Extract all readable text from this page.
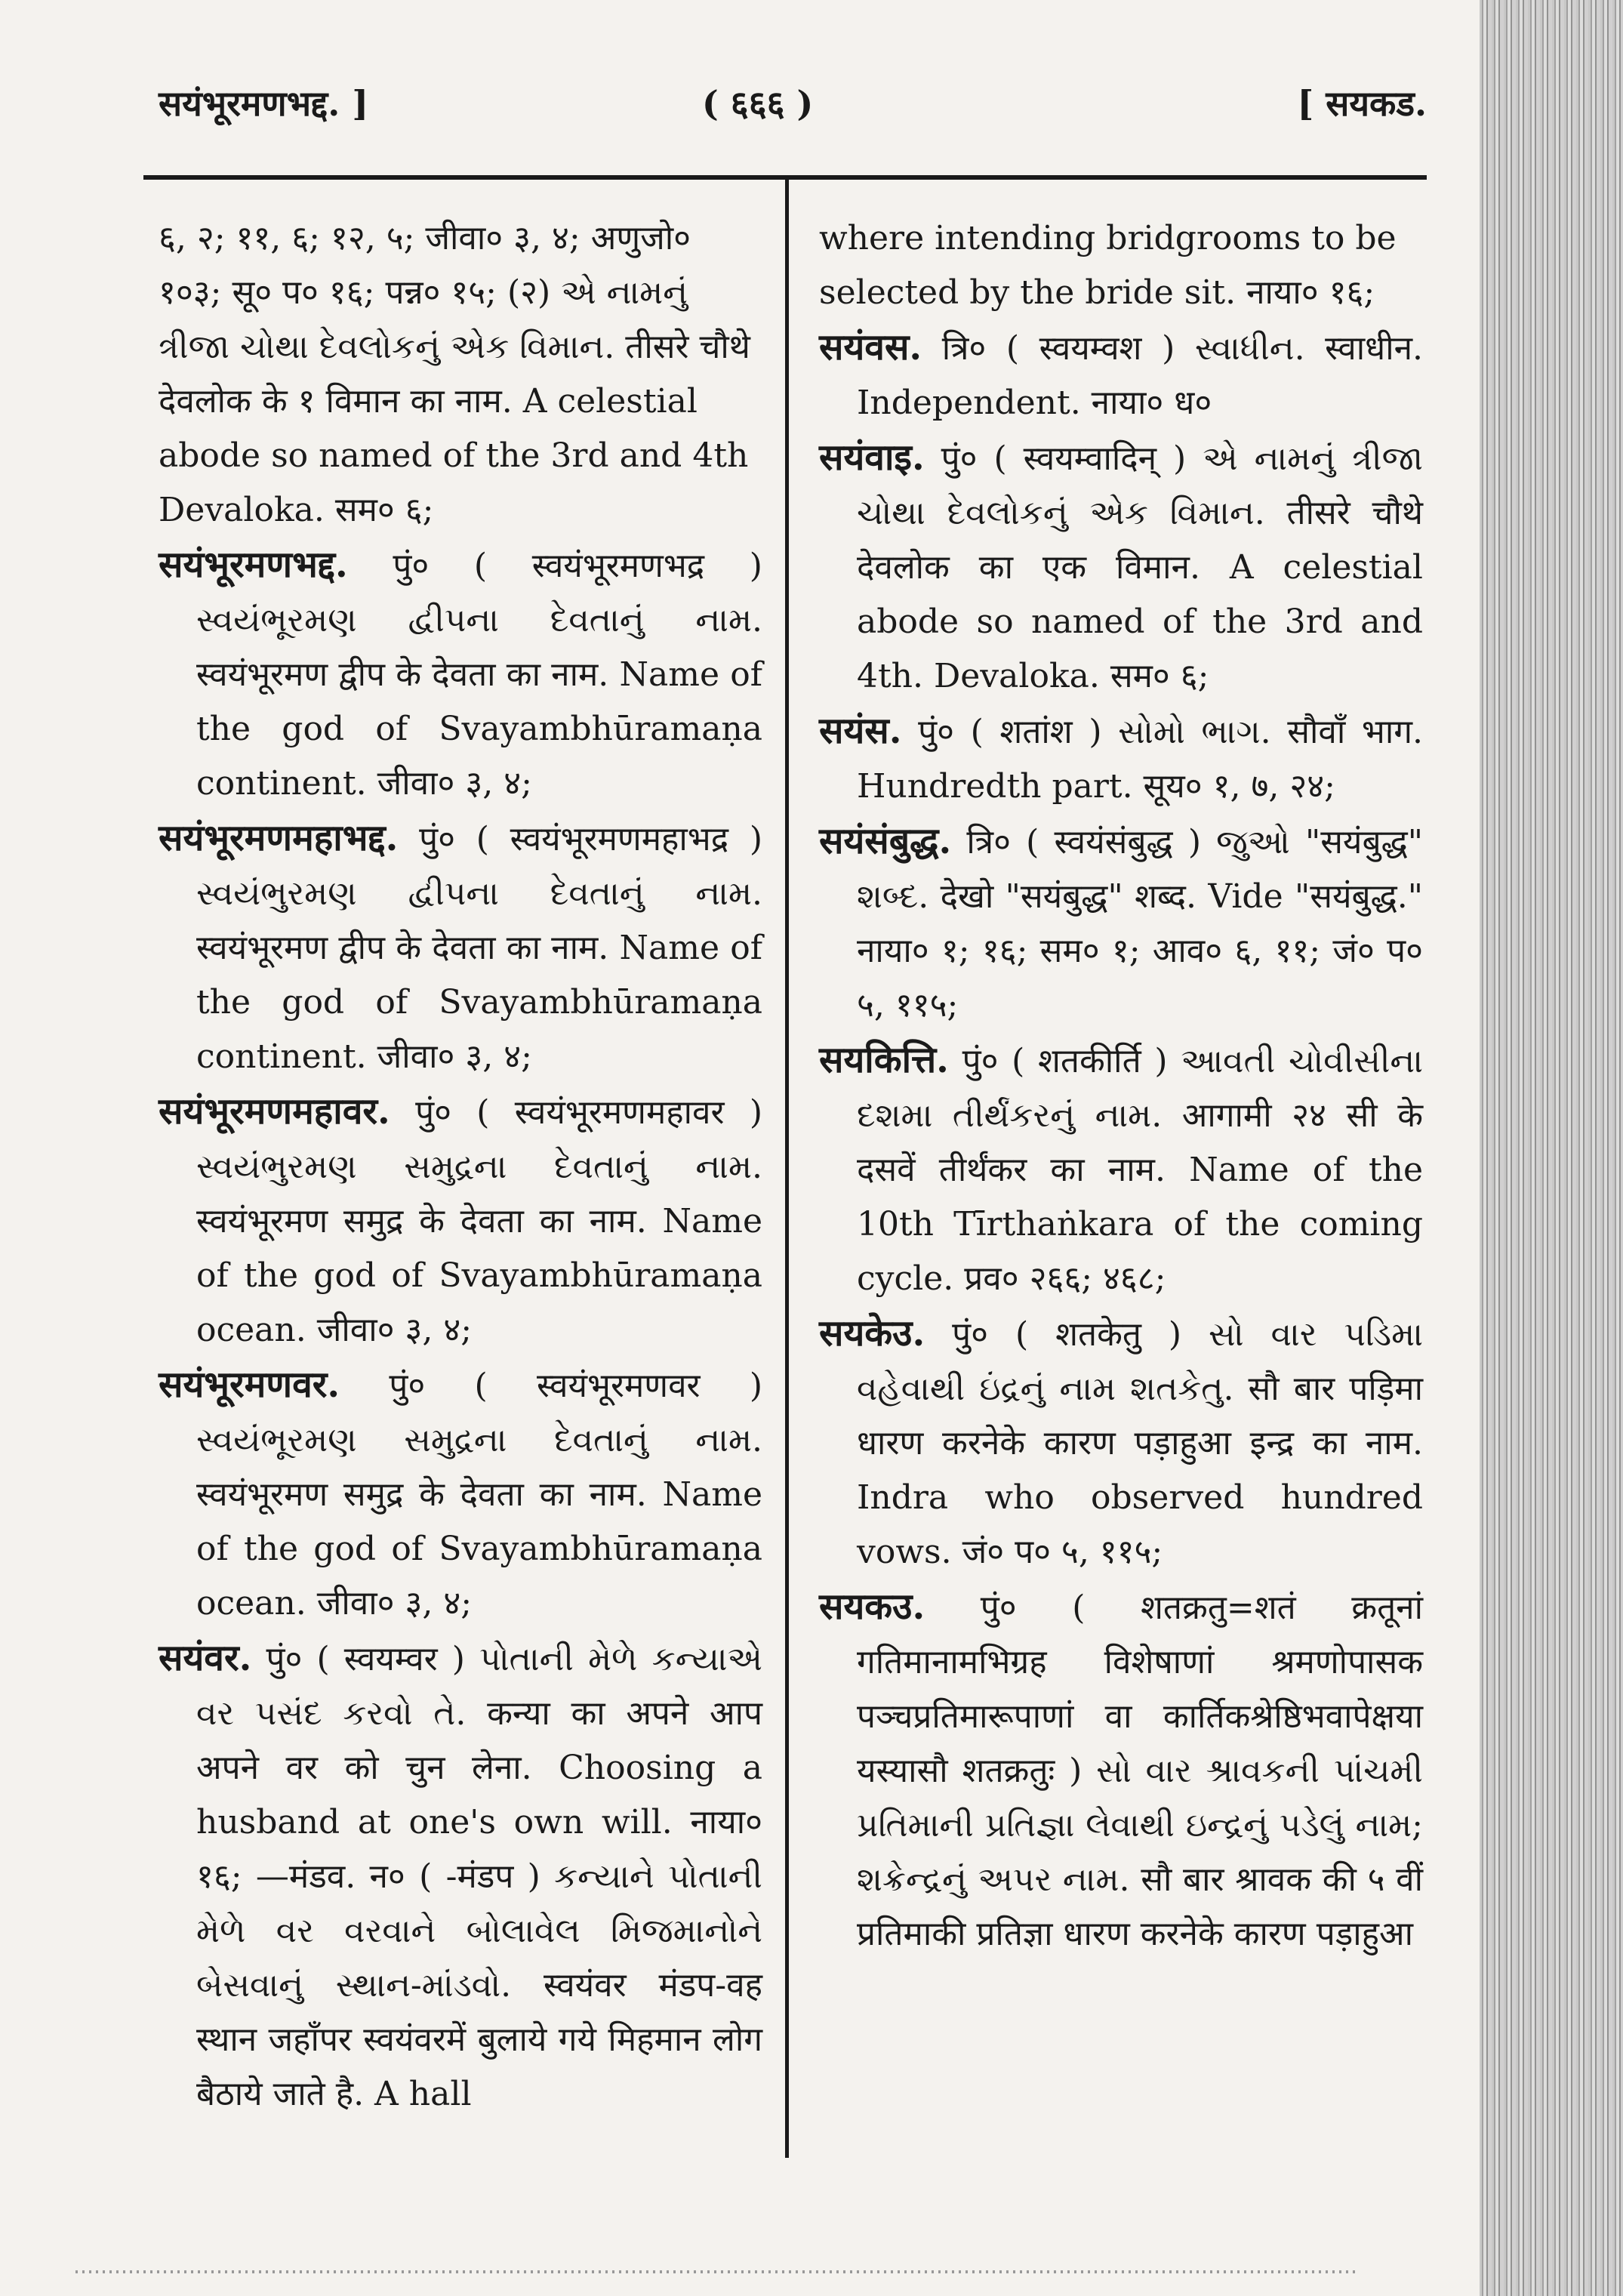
सयंभूरमणभद्द. ]	( ६६६ )	[ सयकड.
६, २; ११, ६; १२, ५; जीवा० ३, ४; अणुजो० १०३; सू० प० १६; पन्न० १५; (२) એ નામનું ત્રીજા ચોથા દેવલોકનું એક વિમાન. तीसरे चौथे देवलोक के १ विमान का नाम. A celestial abode so named of the 3rd and 4th Devaloka. सम० ६;
सयंभूरमणभद्द. पुं० ( स्वयंभूरमणभद्र ) સ્વયંભૂરમણ દ્વીપના દેવતાનું નામ. स्वयंभूरमण द्वीप के देवता का नाम. Name of the god of Svayambhūramaṇa continent. जीवा० ३, ४;
सयंभूरमणमहाभद्द. पुं० ( स्वयंभूरमणमहाभद्र ) સ્વયંભુરમણ દ્વીપના દેવતાનું નામ. स्वयंभूरमण द्वीप के देवता का नाम. Name of the god of Svayambhūramaṇa continent. जीवा० ३, ४;
सयंभूरमणमहावर. पुं० ( स्वयंभूरमणमहावर ) સ્વયંભુરમણ સમુદ્રના દેવતાનું નામ. स्वयंभूरमण समुद्र के देवता का नाम. Name of the god of Svayambhūramaṇa ocean. जीवा० ३, ४;
सयंभूरमणवर. पुं० ( स्वयंभूरमणवर ) સ્વયંભૂરમણ સમુદ્રના દેવતાનું નામ. स्वयंभूरमण समुद्र के देवता का नाम. Name of the god of Svayambhūramaṇa ocean. जीवा० ३, ४;
सयंवर. पुं० ( स्वयम्वर ) પોતાની મેળે કન્યાએ વર પસંદ કરવો તે. कन्या का अपने आप अपने वर को चुन लेना. Choosing a husband at one's own will. नाया० १६; —मंडव. न० ( -मंडप ) કન્યાને પોતાની મેળે વર વરવાને બોલાવેલ મિજમાનોને બેસવાનું સ્થાન-માંડવો. स्वयंवर मंडप-वह स्थान जहाँपर स्वयंवरमें बुलाये गये मिहमान लोग बैठाये जाते है. A hall
where intending bridgrooms to be selected by the bride sit. नाया० १६;
सयंवस. त्रि० ( स्वयम्वश ) સ્વાધીન. स्वाधीन. Independent. नाया० ध०
सयंवाइ. पुं० ( स्वयम्वादिन् ) એ નામનું ત્રીજા ચોથા દેવલોકનું એક વિમાન. तीसरे चौथे देवलोक का एक विमान. A celestial abode so named of the 3rd and 4th. Devaloka. सम० ६;
सयंस. पुं० ( शतांश ) સોમો ભાગ. सौवाँ भाग. Hundredth part. सूय० १, ७, २४;
सयंसंबुद्ध. त्रि० ( स्वयंसंबुद्ध ) જુઓ "सयंबुद्ध" શબ્દ. देखो "सयंबुद्ध" शब्द. Vide "सयंबुद्ध." नाया० १; १६; सम० १; आव० ६, ११; जं० प० ५, ११५;
सयकित्ति. पुं० ( शतकीर्ति ) આવતી ચોવીસીના દશમા તીર્થંકરનું નામ. आगामी २४ सी के दसवें तीर्थंकर का नाम. Name of the 10th Tīrthaṅkara of the coming cycle. प्रव० २६६; ४६८;
सयकेउ. पुं० ( शतकेतु ) સો વાર પડિમા વહેવાથી ઇંદ્રનું નામ શતકેતુ. सौ बार पड़िमा धारण करनेके कारण पड़ाहुआ इन्द्र का नाम. Indra who observed hundred vows. जं० प० ५, ११५;
सयकउ. पुं० ( शतक्रतु=शतं क्रतूनां गतिमानामभिग्रह विशेषाणां श्रमणोपासक पञ्चप्रतिमारूपाणां वा कार्तिकश्रेष्ठिभवापेक्षया यस्यासौ शतक्रतुः ) સો વાર શ્રાવકની પાંચમી પ્રતિમાની પ્રતિજ્ઞા લેવાથી ઇન્દ્રનું પડેલું નામ; શક્રેન્દ્રનું અપર નામ. सौ बार श्रावक की ५ वीं प्रतिमाकी प्रतिज्ञा धारण करनेके कारण पड़ाहुआ
